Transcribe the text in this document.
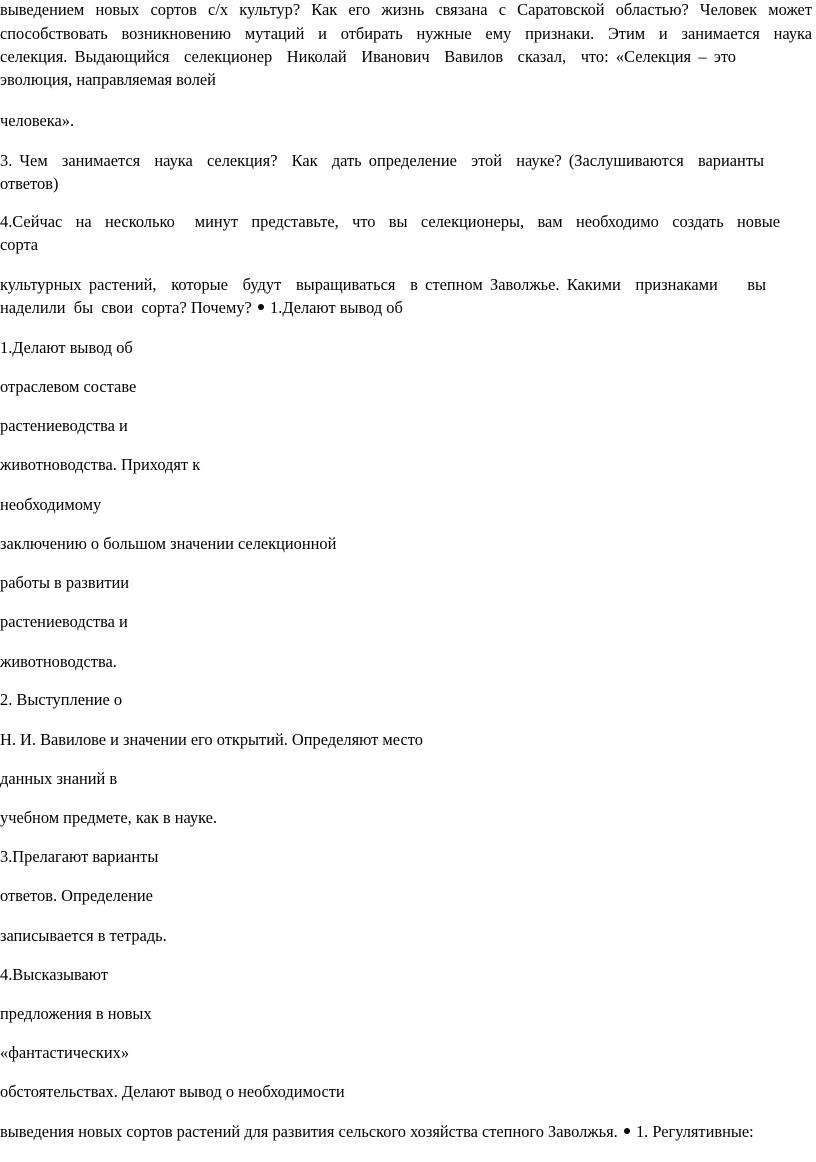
выведением новых сортов с/х культур? Как его жизнь связана с Саратовской областью? Человек может
способствовать возникновению мутаций и отбирать нужные ему признаки. Этим и занимается наука
селекция. Выдающийся  селекционер  Николай  Иванович  Вавилов  сказал,  что: «Селекция – это
эволюция, направляемая волей
человека».
3. Чем  занимается  наука  селекция?  Как  дать определение  этой  науке? (Заслушиваются  варианты
ответов)
4.Сейчас  на  несколько   минут  представьте,  что  вы  селекционеры,  вам  необходимо  создать  новые
сорта
культурных растений,  которые  будут  выращиваться  в степном Заволжье. Какими  признаками    вы
наделили  бы  свои  сорта? Почему? 1.Делают вывод об
1.Делают вывод об
отраслевом составе
растениеводства и
животноводства. Приходят к
необходимому
заключению о большом значении селекционной
работы в развитии
растениеводства и
животноводства.
2. Выступление о
Н. И. Вавилове и значении его открытий. Определяют место
данных знаний в
учебном предмете, как в науке.
3.Прелагают варианты
ответов. Определение
записывается в тетрадь.
4.Высказывают
предложения в новых
«фантастических»
обстоятельствах. Делают вывод о необходимости
выведения новых сортов растений для развития сельского хозяйства степного Заволжья. 1. Регулятивные:
